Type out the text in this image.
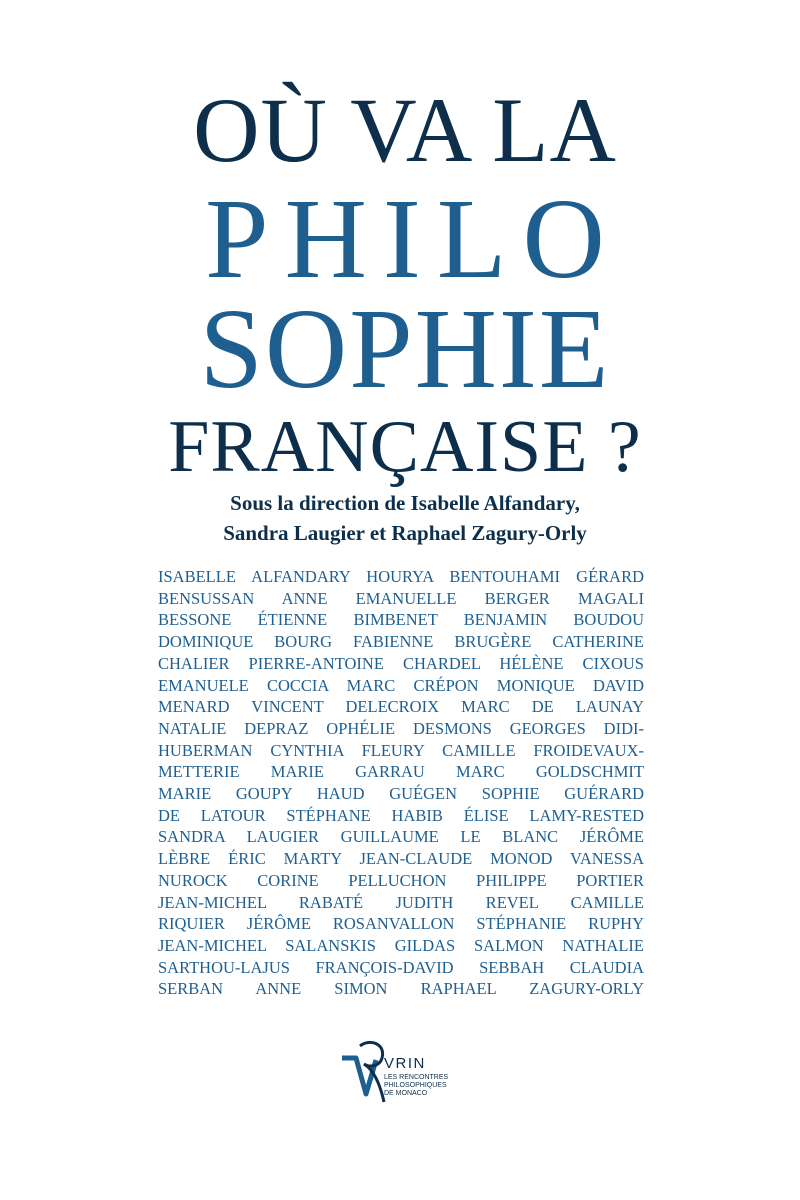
OÙ VA LA
PHILO
SOPHIE
FRANÇAISE ?
Sous la direction de Isabelle Alfandary,
Sandra Laugier et Raphael Zagury-Orly
ISABELLE ALFANDARY HOURYA BENTOUHAMI GÉRARD
BENSUSSAN ANNE EMANUELLE BERGER MAGALI
BESSONE ÉTIENNE BIMBENET BENJAMIN BOUDOU
DOMINIQUE BOURG FABIENNE BRUGÈRE CATHERINE
CHALIER PIERRE-ANTOINE CHARDEL HÉLÈNE CIXOUS
EMANUELE COCCIA MARC CRÉPON MONIQUE DAVID
MENARD VINCENT DELECROIX MARC DE LAUNAY
NATALIE DEPRAZ OPHÉLIE DESMONS GEORGES DIDI-
HUBERMAN CYNTHIA FLEURY CAMILLE FROIDEVAUX-
METTERIE MARIE GARRAU MARC GOLDSCHMIT
MARIE GOUPY HAUD GUÉGEN SOPHIE GUÉRARD
DE LATOUR STÉPHANE HABIB ÉLISE LAMY-RESTED
SANDRA LAUGIER GUILLAUME LE BLANC JÉRÔME
LÈBRE ÉRIC MARTY JEAN-CLAUDE MONOD VANESSA
NUROCK CORINE PELLUCHON PHILIPPE PORTIER
JEAN-MICHEL RABATÉ JUDITH REVEL CAMILLE
RIQUIER JÉRÔME ROSANVALLON STÉPHANIE RUPHY
JEAN-MICHEL SALANSKIS GILDAS SALMON NATHALIE
SARTHOU-LAJUS FRANÇOIS-DAVID SEBBAH CLAUDIA
SERBAN ANNE SIMON RAPHAEL ZAGURY-ORLY
VRIN
LES RENCONTRES
PHILOSOPHIQUES
DE MONACO
